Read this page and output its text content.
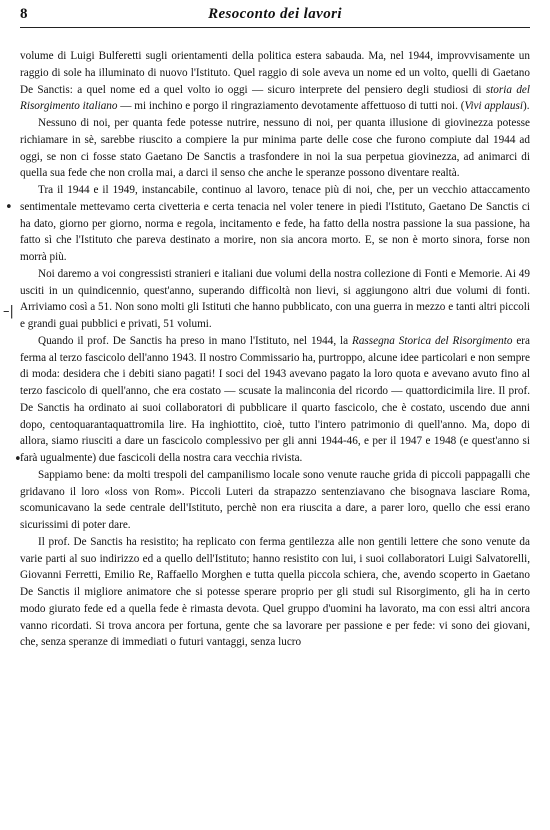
8	Resoconto dei lavori
•
–|
•

volume di Luigi Bulferetti sugli orientamenti della politica estera sabauda. Ma, nel 1944, improvvisamente un raggio di sole ha illuminato di nuovo l'Istituto. Quel raggio di sole aveva un nome ed un volto, quelli di Gaetano De Sanctis: a quel nome ed a quel volto io oggi — sicuro interprete del pensiero degli studiosi di storia del Risorgimento italiano — mi inchino e porgo il ringraziamento devotamente affettuoso di tutti noi. (Vivi applausi).

Nessuno di noi, per quanta fede potesse nutrire, nessuno di noi, per quanta illusione di giovinezza potesse richiamare in sè, sarebbe riuscito a compiere la pur minima parte delle cose che furono compiute dal 1944 ad oggi, se non ci fosse stato Gaetano De Sanctis a trasfondere in noi la sua perpetua giovinezza, ad animarci di quella sua fede che non crolla mai, a darci il senso che anche le speranze possono diventare realtà.

Tra il 1944 e il 1949, instancabile, continuo al lavoro, tenace più di noi, che, per un vecchio attaccamento sentimentale mettevamo certa civetteria e certa tenacia nel voler tenere in piedi l'Istituto, Gaetano De Sanctis ci ha dato, giorno per giorno, norma e regola, incitamento e fede, ha fatto della nostra passione la sua passione, ha fatto sì che l'Istituto che pareva destinato a morire, non sia ancora morto. E, se non è morto sinora, forse non morrà più.

Noi daremo a voi congressisti stranieri e italiani due volumi della nostra collezione di Fonti e Memorie. Ai 49 usciti in un quindicennio, quest'anno, superando difficoltà non lievi, si aggiungono altri due volumi di fonti. Arriviamo così a 51. Non sono molti gli Istituti che hanno pubblicato, con una guerra in mezzo e tanti altri piccoli e grandi guai pubblici e privati, 51 volumi.

Quando il prof. De Sanctis ha preso in mano l'Istituto, nel 1944, la Rassegna Storica del Risorgimento era ferma al terzo fascicolo dell'anno 1943. Il nostro Commissario ha, purtroppo, alcune idee particolari e non sempre di moda: desidera che i debiti siano pagati! I soci del 1943 avevano pagato la loro quota e avevano avuto fino al terzo fascicolo di quell'anno, che era costato — scusate la malinconia del ricordo — quattordicimila lire. Il prof. De Sanctis ha ordinato ai suoi collaboratori di pubblicare il quarto fascicolo, che è costato, uscendo due anni dopo, centoquarantaquattromila lire. Ha inghiottito, cioè, tutto l'intero patrimonio di quell'anno. Ma, dopo di allora, siamo riusciti a dare un fascicolo complessivo per gli anni 1944-46, e per il 1947 e 1948 (e quest'anno si farà ugualmente) due fascicoli della nostra cara vecchia rivista.

Sappiamo bene: da molti trespoli del campanilismo locale sono venute rauche grida di piccoli pappagalli che gridavano il loro «loss von Rom». Piccoli Luteri da strapazzo sentenziavano che bisognava lasciare Roma, scomunicavano la sede centrale dell'Istituto, perchè non era riuscita a dare, a parer loro, quello che essi erano sicurissimi di poter dare.

Il prof. De Sanctis ha resistito; ha replicato con ferma gentilezza alle non gentili lettere che sono venute da varie parti al suo indirizzo ed a quello dell'Istituto; hanno resistito con lui, i suoi collaboratori Luigi Salvatorelli, Giovanni Ferretti, Emilio Re, Raffaello Morghen e tutta quella piccola schiera, che, avendo scoperto in Gaetano De Sanctis il migliore animatore che si potesse sperare proprio per gli studi sul Risorgimento, gli ha in certo modo giurato fede ed a quella fede è rimasta devota. Quel gruppo d'uomini ha lavorato, ma con essi altri ancora vanno ricordati. Si trova ancora per fortuna, gente che sa lavorare per passione e per fede: vi sono dei giovani, che, senza speranze di immediati o futuri vantaggi, senza lucro
